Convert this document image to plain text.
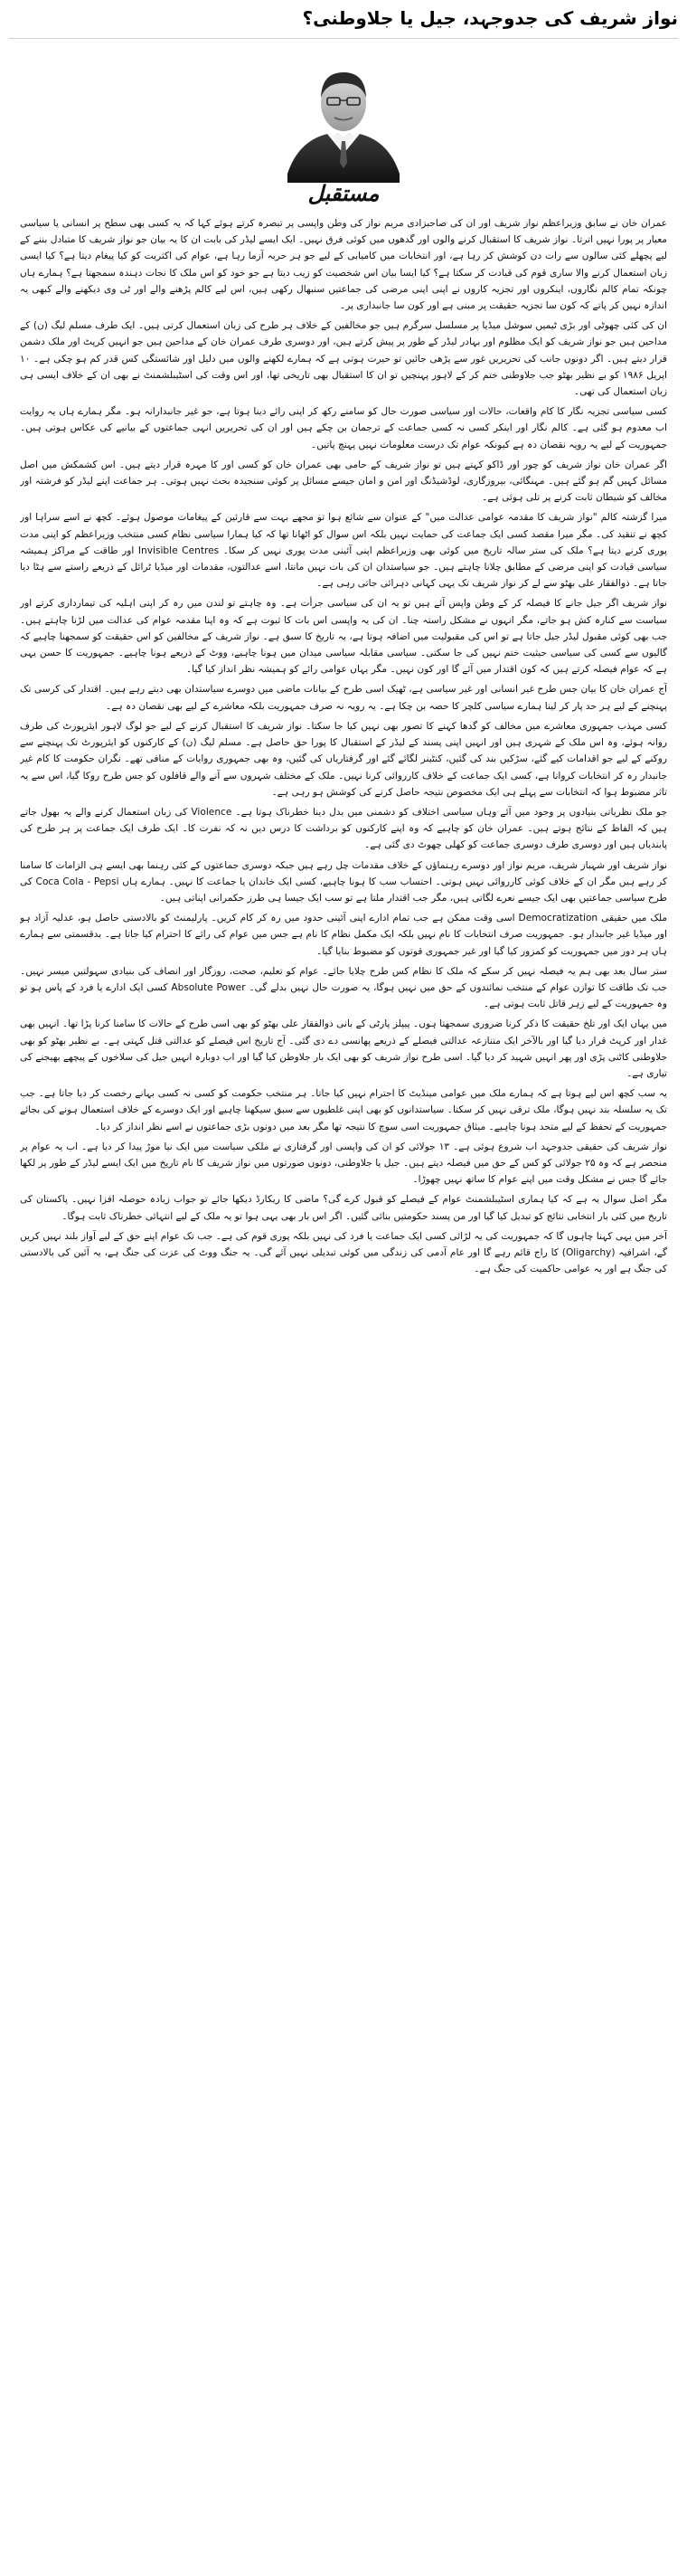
نواز شریف کی جدوجہد، جیل یا جلاوطنی؟
مستقبل

عمران خان نے سابق وزیراعظم نواز شریف اور ان کی صاحبزادی مریم نواز کی وطن واپسی پر تبصرہ کرتے ہوئے کہا کہ یہ کسی بھی سطح پر انسانی یا سیاسی معیار پر پورا نہیں اترتا۔ نواز شریف کا استقبال کرنے والوں اور گدھوں میں کوئی فرق نہیں۔ ایک ایسے لیڈر کی بابت ان کا یہ بیان جو نواز شریف کا متبادل بننے کے لیے پچھلے کئی سالوں سے رات دن کوشش کر رہا ہے، اور انتخابات میں کامیابی کے لیے جو ہر حربہ آزما رہا ہے، عوام کی اکثریت کو کیا پیغام دیتا ہے؟ کیا ایسی زبان استعمال کرنے والا ساری قوم کی قیادت کر سکتا ہے؟ کیا ایسا بیان اس شخصیت کو زیب دیتا ہے جو خود کو اس ملک کا نجات دہندہ سمجھتا ہے؟ ہمارے ہاں چونکہ تمام کالم نگاروں، اینکروں اور تجزیہ کاروں نے اپنی اپنی مرضی کی جماعتیں سنبھال رکھی ہیں، اس لیے کالم پڑھنے والے اور ٹی وی دیکھنے والے کبھی یہ اندازہ نہیں کر پاتے کہ کون سا تجزیہ حقیقت پر مبنی ہے اور کون سا جانبداری پر۔

ان کی کئی چھوٹی اور بڑی ٹیمیں سوشل میڈیا پر مسلسل سرگرم ہیں جو مخالفین کے خلاف ہر طرح کی زبان استعمال کرتی ہیں۔ ایک طرف مسلم لیگ (ن) کے مداحین ہیں جو نواز شریف کو ایک مظلوم اور بہادر لیڈر کے طور پر پیش کرتے ہیں، اور دوسری طرف عمران خان کے مداحین ہیں جو انہیں کرپٹ اور ملک دشمن قرار دیتے ہیں۔ اگر دونوں جانب کی تحریریں غور سے پڑھی جائیں تو حیرت ہوتی ہے کہ ہمارے لکھنے والوں میں دلیل اور شائستگی کس قدر کم ہو چکی ہے۔ ۱۰ اپریل ۱۹۸۶ کو بے نظیر بھٹو جب جلاوطنی ختم کر کے لاہور پہنچیں تو ان کا استقبال بھی تاریخی تھا، اور اس وقت کی اسٹیبلشمنٹ نے بھی ان کے خلاف ایسی ہی زبان استعمال کی تھی۔

کسی سیاسی تجزیہ نگار کا کام واقعات، حالات اور سیاسی صورت حال کو سامنے رکھ کر اپنی رائے دینا ہوتا ہے، جو غیر جانبدارانہ ہو۔ مگر ہمارے ہاں یہ روایت اب معدوم ہو گئی ہے۔ کالم نگار اور اینکر کسی نہ کسی جماعت کے ترجمان بن چکے ہیں اور ان کی تحریریں انہی جماعتوں کے بیانیے کی عکاس ہوتی ہیں۔ جمہوریت کے لیے یہ رویہ نقصان دہ ہے کیونکہ عوام تک درست معلومات نہیں پہنچ پاتیں۔

اگر عمران خان نواز شریف کو چور اور ڈاکو کہتے ہیں تو نواز شریف کے حامی بھی عمران خان کو کسی اور کا مہرہ قرار دیتے ہیں۔ اس کشمکش میں اصل مسائل کہیں گم ہو گئے ہیں۔ مہنگائی، بیروزگاری، لوڈشیڈنگ اور امن و امان جیسے مسائل پر کوئی سنجیدہ بحث نہیں ہوتی۔ ہر جماعت اپنے لیڈر کو فرشتہ اور مخالف کو شیطان ثابت کرنے پر تلی ہوئی ہے۔

میرا گزشتہ کالم "نواز شریف کا مقدمہ عوامی عدالت میں" کے عنوان سے شائع ہوا تو مجھے بہت سے قارئین کے پیغامات موصول ہوئے۔ کچھ نے اسے سراہا اور کچھ نے تنقید کی۔ مگر میرا مقصد کسی ایک جماعت کی حمایت نہیں بلکہ اس سوال کو اٹھانا تھا کہ کیا ہمارا سیاسی نظام کسی منتخب وزیراعظم کو اپنی مدت پوری کرنے دیتا ہے؟ ملک کی ستر سالہ تاریخ میں کوئی بھی وزیراعظم اپنی آئینی مدت پوری نہیں کر سکا۔ Invisible Centres اور طاقت کے مراکز ہمیشہ سیاسی قیادت کو اپنی مرضی کے مطابق چلانا چاہتے ہیں۔ جو سیاستدان ان کی بات نہیں مانتا، اسے عدالتوں، مقدمات اور میڈیا ٹرائل کے ذریعے راستے سے ہٹا دیا جاتا ہے۔ ذوالفقار علی بھٹو سے لے کر نواز شریف تک یہی کہانی دہرائی جاتی رہی ہے۔

نواز شریف اگر جیل جانے کا فیصلہ کر کے وطن واپس آئے ہیں تو یہ ان کی سیاسی جرأت ہے۔ وہ چاہتے تو لندن میں رہ کر اپنی اہلیہ کی تیمارداری کرتے اور سیاست سے کنارہ کش ہو جاتے، مگر انہوں نے مشکل راستہ چنا۔ ان کی یہ واپسی اس بات کا ثبوت ہے کہ وہ اپنا مقدمہ عوام کی عدالت میں لڑنا چاہتے ہیں۔ جب بھی کوئی مقبول لیڈر جیل جاتا ہے تو اس کی مقبولیت میں اضافہ ہوتا ہے، یہ تاریخ کا سبق ہے۔ نواز شریف کے مخالفین کو اس حقیقت کو سمجھنا چاہیے کہ گالیوں سے کسی کی سیاسی حیثیت ختم نہیں کی جا سکتی۔ سیاسی مقابلہ سیاسی میدان میں ہونا چاہیے، ووٹ کے ذریعے ہونا چاہیے۔ جمہوریت کا حسن یہی ہے کہ عوام فیصلہ کرتے ہیں کہ کون اقتدار میں آئے گا اور کون نہیں۔ مگر یہاں عوامی رائے کو ہمیشہ نظر انداز کیا گیا۔

آج عمران خان کا بیان جس طرح غیر انسانی اور غیر سیاسی ہے، ٹھیک اسی طرح کے بیانات ماضی میں دوسرے سیاستدان بھی دیتے رہے ہیں۔ اقتدار کی کرسی تک پہنچنے کے لیے ہر حد پار کر لینا ہمارے سیاسی کلچر کا حصہ بن چکا ہے۔ یہ رویہ نہ صرف جمہوریت بلکہ معاشرے کے لیے بھی نقصان دہ ہے۔

کسی مہذب جمہوری معاشرے میں مخالف کو گدھا کہنے کا تصور بھی نہیں کیا جا سکتا۔ نواز شریف کا استقبال کرنے کے لیے جو لوگ لاہور ایئرپورٹ کی طرف روانہ ہوئے، وہ اس ملک کے شہری ہیں اور انہیں اپنی پسند کے لیڈر کے استقبال کا پورا حق حاصل ہے۔ مسلم لیگ (ن) کے کارکنوں کو ایئرپورٹ تک پہنچنے سے روکنے کے لیے جو اقدامات کیے گئے، سڑکیں بند کی گئیں، کنٹینر لگائے گئے اور گرفتاریاں کی گئیں، وہ بھی جمہوری روایات کے منافی تھے۔ نگران حکومت کا کام غیر جانبدار رہ کر انتخابات کروانا ہے، کسی ایک جماعت کے خلاف کارروائی کرنا نہیں۔ ملک کے مختلف شہروں سے آنے والے قافلوں کو جس طرح روکا گیا، اس سے یہ تاثر مضبوط ہوا کہ انتخابات سے پہلے ہی ایک مخصوص نتیجہ حاصل کرنے کی کوشش ہو رہی ہے۔

جو ملک نظریاتی بنیادوں پر وجود میں آئے وہاں سیاسی اختلاف کو دشمنی میں بدل دینا خطرناک ہوتا ہے۔ Violence کی زبان استعمال کرنے والے یہ بھول جاتے ہیں کہ الفاظ کے نتائج ہوتے ہیں۔ عمران خان کو چاہیے کہ وہ اپنے کارکنوں کو برداشت کا درس دیں نہ کہ نفرت کا۔ ایک طرف ایک جماعت پر ہر طرح کی پابندیاں ہیں اور دوسری طرف دوسری جماعت کو کھلی چھوٹ دی گئی ہے۔

نواز شریف اور شہباز شریف، مریم نواز اور دوسرے رہنماؤں کے خلاف مقدمات چل رہے ہیں جبکہ دوسری جماعتوں کے کئی رہنما بھی ایسے ہی الزامات کا سامنا کر رہے ہیں مگر ان کے خلاف کوئی کارروائی نہیں ہوتی۔ احتساب سب کا ہونا چاہیے، کسی ایک خاندان یا جماعت کا نہیں۔ ہمارے ہاں Coca Cola - Pepsi کی طرح سیاسی جماعتیں بھی ایک جیسے نعرے لگاتی ہیں، مگر جب اقتدار ملتا ہے تو سب ایک جیسا ہی طرز حکمرانی اپناتی ہیں۔

ملک میں حقیقی Democratization اسی وقت ممکن ہے جب تمام ادارے اپنی آئینی حدود میں رہ کر کام کریں۔ پارلیمنٹ کو بالادستی حاصل ہو، عدلیہ آزاد ہو اور میڈیا غیر جانبدار ہو۔ جمہوریت صرف انتخابات کا نام نہیں بلکہ ایک مکمل نظام کا نام ہے جس میں عوام کی رائے کا احترام کیا جاتا ہے۔ بدقسمتی سے ہمارے ہاں ہر دور میں جمہوریت کو کمزور کیا گیا اور غیر جمہوری قوتوں کو مضبوط بنایا گیا۔

ستر سال بعد بھی ہم یہ فیصلہ نہیں کر سکے کہ ملک کا نظام کس طرح چلایا جائے۔ عوام کو تعلیم، صحت، روزگار اور انصاف کی بنیادی سہولتیں میسر نہیں۔ جب تک طاقت کا توازن عوام کے منتخب نمائندوں کے حق میں نہیں ہوگا، یہ صورت حال نہیں بدلے گی۔ Absolute Power کسی ایک ادارے یا فرد کے پاس ہو تو وہ جمہوریت کے لیے زہر قاتل ثابت ہوتی ہے۔

میں یہاں ایک اور تلخ حقیقت کا ذکر کرنا ضروری سمجھتا ہوں۔ پیپلز پارٹی کے بانی ذوالفقار علی بھٹو کو بھی اسی طرح کے حالات کا سامنا کرنا پڑا تھا۔ انہیں بھی غدار اور کرپٹ قرار دیا گیا اور بالآخر ایک متنازعہ عدالتی فیصلے کے ذریعے پھانسی دے دی گئی۔ آج تاریخ اس فیصلے کو عدالتی قتل کہتی ہے۔ بے نظیر بھٹو کو بھی جلاوطنی کاٹنی پڑی اور پھر انہیں شہید کر دیا گیا۔ اسی طرح نواز شریف کو بھی ایک بار جلاوطن کیا گیا اور اب دوبارہ انہیں جیل کی سلاخوں کے پیچھے بھیجنے کی تیاری ہے۔

یہ سب کچھ اس لیے ہوتا ہے کہ ہمارے ملک میں عوامی مینڈیٹ کا احترام نہیں کیا جاتا۔ ہر منتخب حکومت کو کسی نہ کسی بہانے رخصت کر دیا جاتا ہے۔ جب تک یہ سلسلہ بند نہیں ہوگا، ملک ترقی نہیں کر سکتا۔ سیاستدانوں کو بھی اپنی غلطیوں سے سبق سیکھنا چاہیے اور ایک دوسرے کے خلاف استعمال ہونے کی بجائے جمہوریت کے تحفظ کے لیے متحد ہونا چاہیے۔ میثاق جمہوریت اسی سوچ کا نتیجہ تھا مگر بعد میں دونوں بڑی جماعتوں نے اسے نظر انداز کر دیا۔

نواز شریف کی حقیقی جدوجہد اب شروع ہوئی ہے۔ ۱۳ جولائی کو ان کی واپسی اور گرفتاری نے ملکی سیاست میں ایک نیا موڑ پیدا کر دیا ہے۔ اب یہ عوام پر منحصر ہے کہ وہ ۲۵ جولائی کو کس کے حق میں فیصلہ دیتے ہیں۔ جیل یا جلاوطنی، دونوں صورتوں میں نواز شریف کا نام تاریخ میں ایک ایسے لیڈر کے طور پر لکھا جائے گا جس نے مشکل وقت میں اپنے عوام کا ساتھ نہیں چھوڑا۔

مگر اصل سوال یہ ہے کہ کیا ہماری اسٹیبلشمنٹ عوام کے فیصلے کو قبول کرے گی؟ ماضی کا ریکارڈ دیکھا جائے تو جواب زیادہ حوصلہ افزا نہیں۔ پاکستان کی تاریخ میں کئی بار انتخابی نتائج کو تبدیل کیا گیا اور من پسند حکومتیں بنائی گئیں۔ اگر اس بار بھی یہی ہوا تو یہ ملک کے لیے انتہائی خطرناک ثابت ہوگا۔

آخر میں یہی کہنا چاہوں گا کہ جمہوریت کی یہ لڑائی کسی ایک جماعت یا فرد کی نہیں بلکہ پوری قوم کی ہے۔ جب تک عوام اپنے حق کے لیے آواز بلند نہیں کریں گے، اشرافیہ (Oligarchy) کا راج قائم رہے گا اور عام آدمی کی زندگی میں کوئی تبدیلی نہیں آئے گی۔ یہ جنگ ووٹ کی عزت کی جنگ ہے، یہ آئین کی بالادستی کی جنگ ہے اور یہ عوامی حاکمیت کی جنگ ہے۔
